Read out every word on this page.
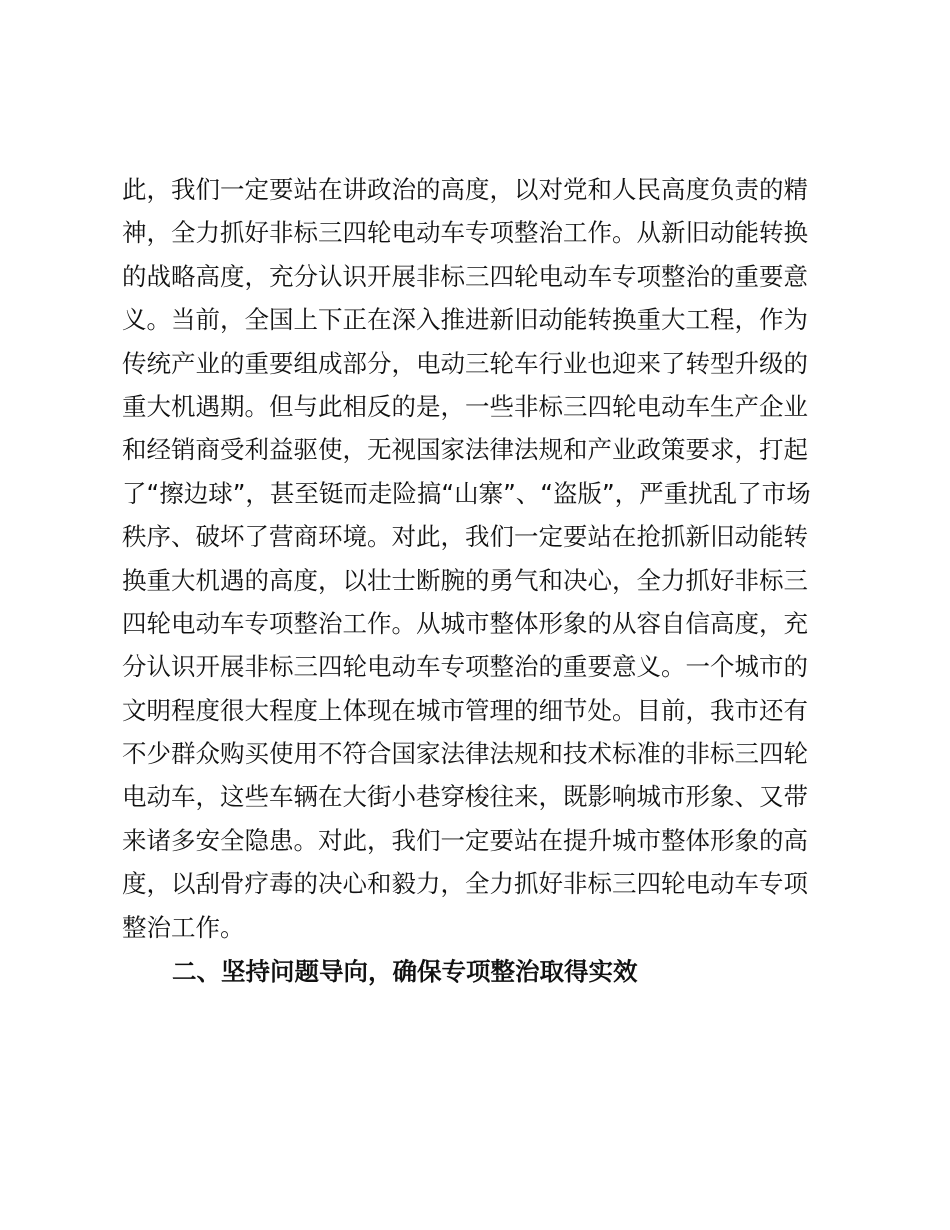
此，我们一定要站在讲政治的高度，以对党和人民高度负责的精
神，全力抓好非标三四轮电动车专项整治工作。从新旧动能转换
的战略高度，充分认识开展非标三四轮电动车专项整治的重要意
义。当前，全国上下正在深入推进新旧动能转换重大工程，作为
传统产业的重要组成部分，电动三轮车行业也迎来了转型升级的
重大机遇期。但与此相反的是，一些非标三四轮电动车生产企业
和经销商受利益驱使，无视国家法律法规和产业政策要求，打起
了“擦边球”，甚至铤而走险搞“山寨”、“盗版”，严重扰乱了市场
秩序、破坏了营商环境。对此，我们一定要站在抢抓新旧动能转
换重大机遇的高度，以壮士断腕的勇气和决心，全力抓好非标三
四轮电动车专项整治工作。从城市整体形象的从容自信高度，充
分认识开展非标三四轮电动车专项整治的重要意义。一个城市的
文明程度很大程度上体现在城市管理的细节处。目前，我市还有
不少群众购买使用不符合国家法律法规和技术标准的非标三四轮
电动车，这些车辆在大街小巷穿梭往来，既影响城市形象、又带
来诸多安全隐患。对此，我们一定要站在提升城市整体形象的高
度，以刮骨疗毒的决心和毅力，全力抓好非标三四轮电动车专项
整治工作。
二、坚持问题导向，确保专项整治取得实效
